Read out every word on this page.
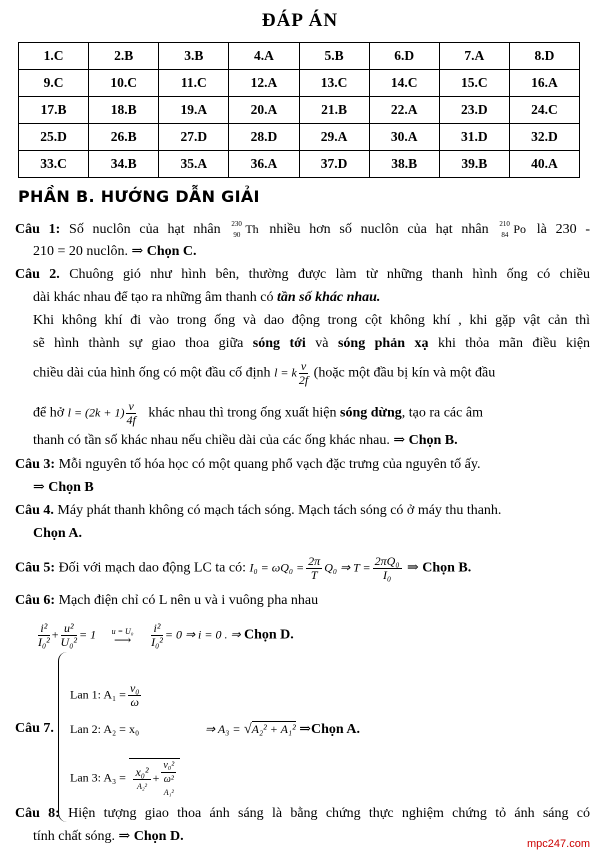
ĐÁP ÁN
1.C	2.B	3.B	4.A	5.B	6.D	7.A	8.D
9.C	10.C	11.C	12.A	13.C	14.C	15.C	16.A
17.B	18.B	19.A	20.A	21.B	22.A	23.D	24.C
25.D	26.B	27.D	28.D	29.A	30.A	31.D	32.D
33.C	34.B	35.A	36.A	37.D	38.B	39.B	40.A
PHẦN B. HƯỚNG DẪN GIẢI
Câu 1: Số nuclôn của hạt nhân 230
90 Th nhiều hơn số nuclôn của hạt nhân 210
84 Po là 230 -
210 = 20 nuclôn. ⇒ Chọn C.
Câu 2. Chuông gió như hình bên, thường được làm từ những thanh hình ống có chiều
dài khác nhau để tạo ra những âm thanh có tần số khác nhau.
Khi không khí đi vào trong ống và dao động trong cột không khí , khi gặp vật cản thì
sẽ hình thành sự giao thoa giữa sóng tới và sóng phản xạ khi thỏa mãn điều kiện
chiều dài của hình ống có một đầu cố định l = k $\frac{v}{2f}$ (hoặc một đầu bị kín và một đầu
để hở $l = (2k + 1) \frac{v}{4f}$ khác nhau thì trong ống xuất hiện sóng dừng, tạo ra các âm
thanh có tần số khác nhau nếu chiều dài của các ống khác nhau. ⇒ Chọn B.
Câu 3: Mỗi nguyên tố hóa học có một quang phổ vạch đặc trưng của nguyên tố ấy.
⇒ Chọn B
Câu 4. Máy phát thanh không có mạch tách sóng. Mạch tách sóng có ở máy thu thanh.
Chọn A.
Câu 5: Đối với mạch dao động LC ta có: $I_0 = \omega Q_0 = \frac{2\pi}{T} Q_0$ ⇒ $T = \frac{\text{2πQ₀}}{\text{I₀}}$ ⇒ Chọn B.
Câu 6: Mạch điện chỉ có L nên u và i vuông pha nhau
$\frac{\text{i²}}{\text{I₀²}} + \frac{\text{u²}}{\text{U₀²}} = 1$	u = U₀
⟶
	$\frac{\text{i²}}{\text{I₀²}} = 0$ ⇒ i = 0 . ⇒ Chọn D.
Câu 7.
Lan 1: $A_1 = \frac{\text{v₀}}{\omega}$
Lan 2: A₂ = x₀
Lan 3: $A_3 = \frac{\text{x₀²}}{\text{A₂²}}$ +
v₀²
ω²
A₁²
⇒ A₃ = √A₂² + A₁² ⇒Chọn A.
Câu 8: Hiện tượng giao thoa ánh sáng là bằng chứng thực nghiệm chứng tỏ ánh sáng có
tính chất sóng. ⇒ Chọn D.	mpc247.com
